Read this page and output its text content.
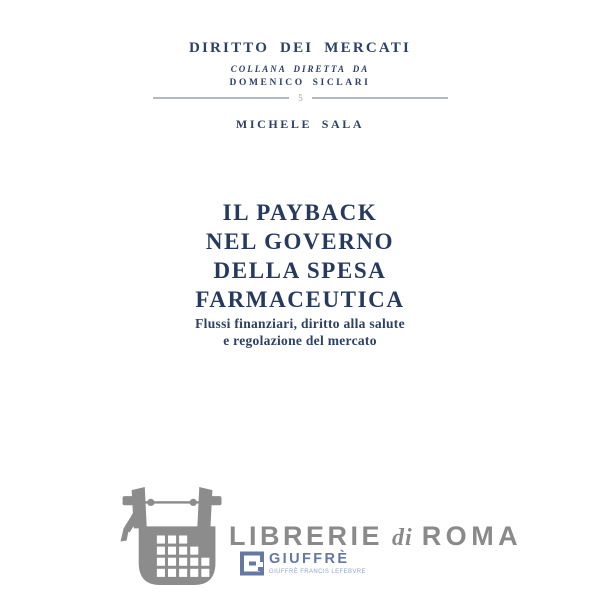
DIRITTO DEI MERCATI
COLLANA DIRETTA DA
DOMENICO SICLARI
5
MICHELE SALA
IL PAYBACK
NEL GOVERNO
DELLA SPESA
FARMACEUTICA
Flussi finanziari, diritto alla salute
e regolazione del mercato
LIBRERIE di ROMA
GIUFFRÈ
GIUFFRÈ FRANCIS LEFEBVRE
